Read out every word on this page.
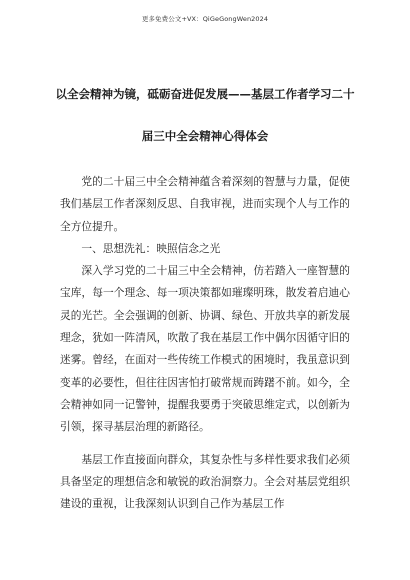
更多免费公文+VX：QiGeGongWen2024
以全会精神为镜，砥砺奋进促发展——基层工作者学习二十
届三中全会精神心得体会

党的二十届三中全会精神蕴含着深刻的智慧与力量，促使我们基层工作者深刻反思、自我审视，进而实现个人与工作的全方位提升。

一、思想洗礼：映照信念之光

深入学习党的二十届三中全会精神，仿若踏入一座智慧的宝库，每一个理念、每一项决策都如璀璨明珠，散发着启迪心灵的光芒。全会强调的创新、协调、绿色、开放共享的新发展理念，犹如一阵清风，吹散了我在基层工作中偶尔因循守旧的迷雾。曾经，在面对一些传统工作模式的困境时，我虽意识到变革的必要性，但往往因害怕打破常规而踌躇不前。如今，全会精神如同一记警钟，提醒我要勇于突破思维定式，以创新为引领，探寻基层治理的新路径。

基层工作直接面向群众，其复杂性与多样性要求我们必须具备坚定的理想信念和敏锐的政治洞察力。全会对基层党组织建设的重视，让我深刻认识到自己作为基层工作
